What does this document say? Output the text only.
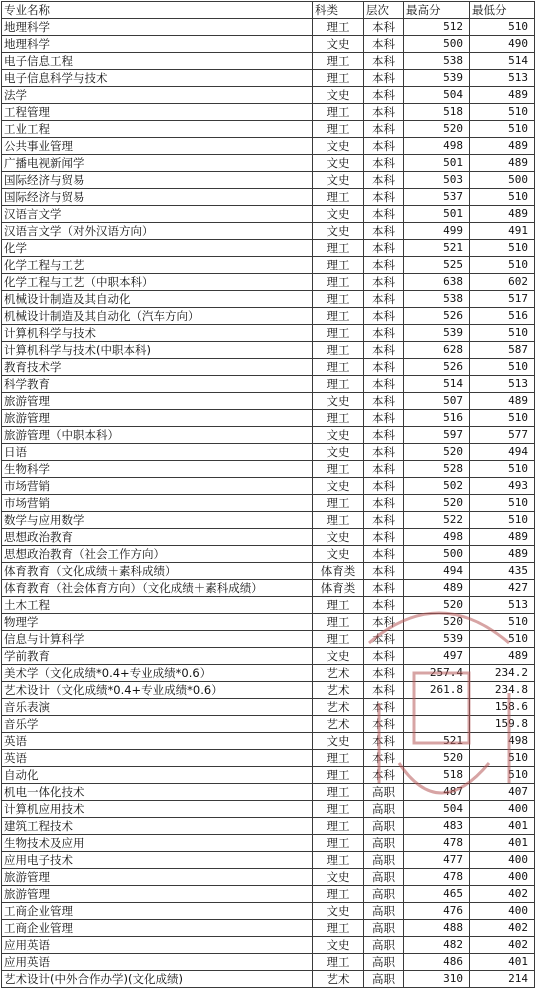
专业名称	科类	层次	最高分	最低分
地理科学	理工	本科	512	510
地理科学	文史	本科	500	490
电子信息工程	理工	本科	538	514
电子信息科学与技术	理工	本科	539	513
法学	文史	本科	504	489
工程管理	理工	本科	518	510
工业工程	理工	本科	520	510
公共事业管理	文史	本科	498	489
广播电视新闻学	文史	本科	501	489
国际经济与贸易	文史	本科	503	500
国际经济与贸易	理工	本科	537	510
汉语言文学	文史	本科	501	489
汉语言文学（对外汉语方向）	文史	本科	499	491
化学	理工	本科	521	510
化学工程与工艺	理工	本科	525	510
化学工程与工艺（中职本科）	理工	本科	638	602
机械设计制造及其自动化	理工	本科	538	517
机械设计制造及其自动化（汽车方向）	理工	本科	526	516
计算机科学与技术	理工	本科	539	510
计算机科学与技术(中职本科)	理工	本科	628	587
教育技术学	理工	本科	526	510
科学教育	理工	本科	514	513
旅游管理	文史	本科	507	489
旅游管理	理工	本科	516	510
旅游管理（中职本科）	文史	本科	597	577
日语	文史	本科	520	494
生物科学	理工	本科	528	510
市场营销	文史	本科	502	493
市场营销	理工	本科	520	510
数学与应用数学	理工	本科	522	510
思想政治教育	文史	本科	498	489
思想政治教育（社会工作方向）	文史	本科	500	489
体育教育（文化成绩＋素科成绩）	体育类	本科	494	435
体育教育（社会体育方向）（文化成绩＋素科成绩）	体育类	本科	489	427
土木工程	理工	本科	520	513
物理学	理工	本科	520	510
信息与计算科学	理工	本科	539	510
学前教育	文史	本科	497	489
美术学（文化成绩*0.4+专业成绩*0.6）	艺术	本科	257.4	234.2
艺术设计（文化成绩*0.4+专业成绩*0.6）	艺术	本科	261.8	234.8
音乐表演	艺术	本科		158.6
音乐学	艺术	本科		159.8
英语	文史	本科	521	498
英语	理工	本科	520	510
自动化	理工	本科	518	510
机电一体化技术	理工	高职	487	407
计算机应用技术	理工	高职	504	400
建筑工程技术	理工	高职	483	401
生物技术及应用	理工	高职	478	401
应用电子技术	理工	高职	477	400
旅游管理	文史	高职	478	400
旅游管理	理工	高职	465	402
工商企业管理	文史	高职	476	400
工商企业管理	理工	高职	488	402
应用英语	文史	高职	482	402
应用英语	理工	高职	486	401
艺术设计(中外合作办学)(文化成绩)	艺术	高职	310	214
